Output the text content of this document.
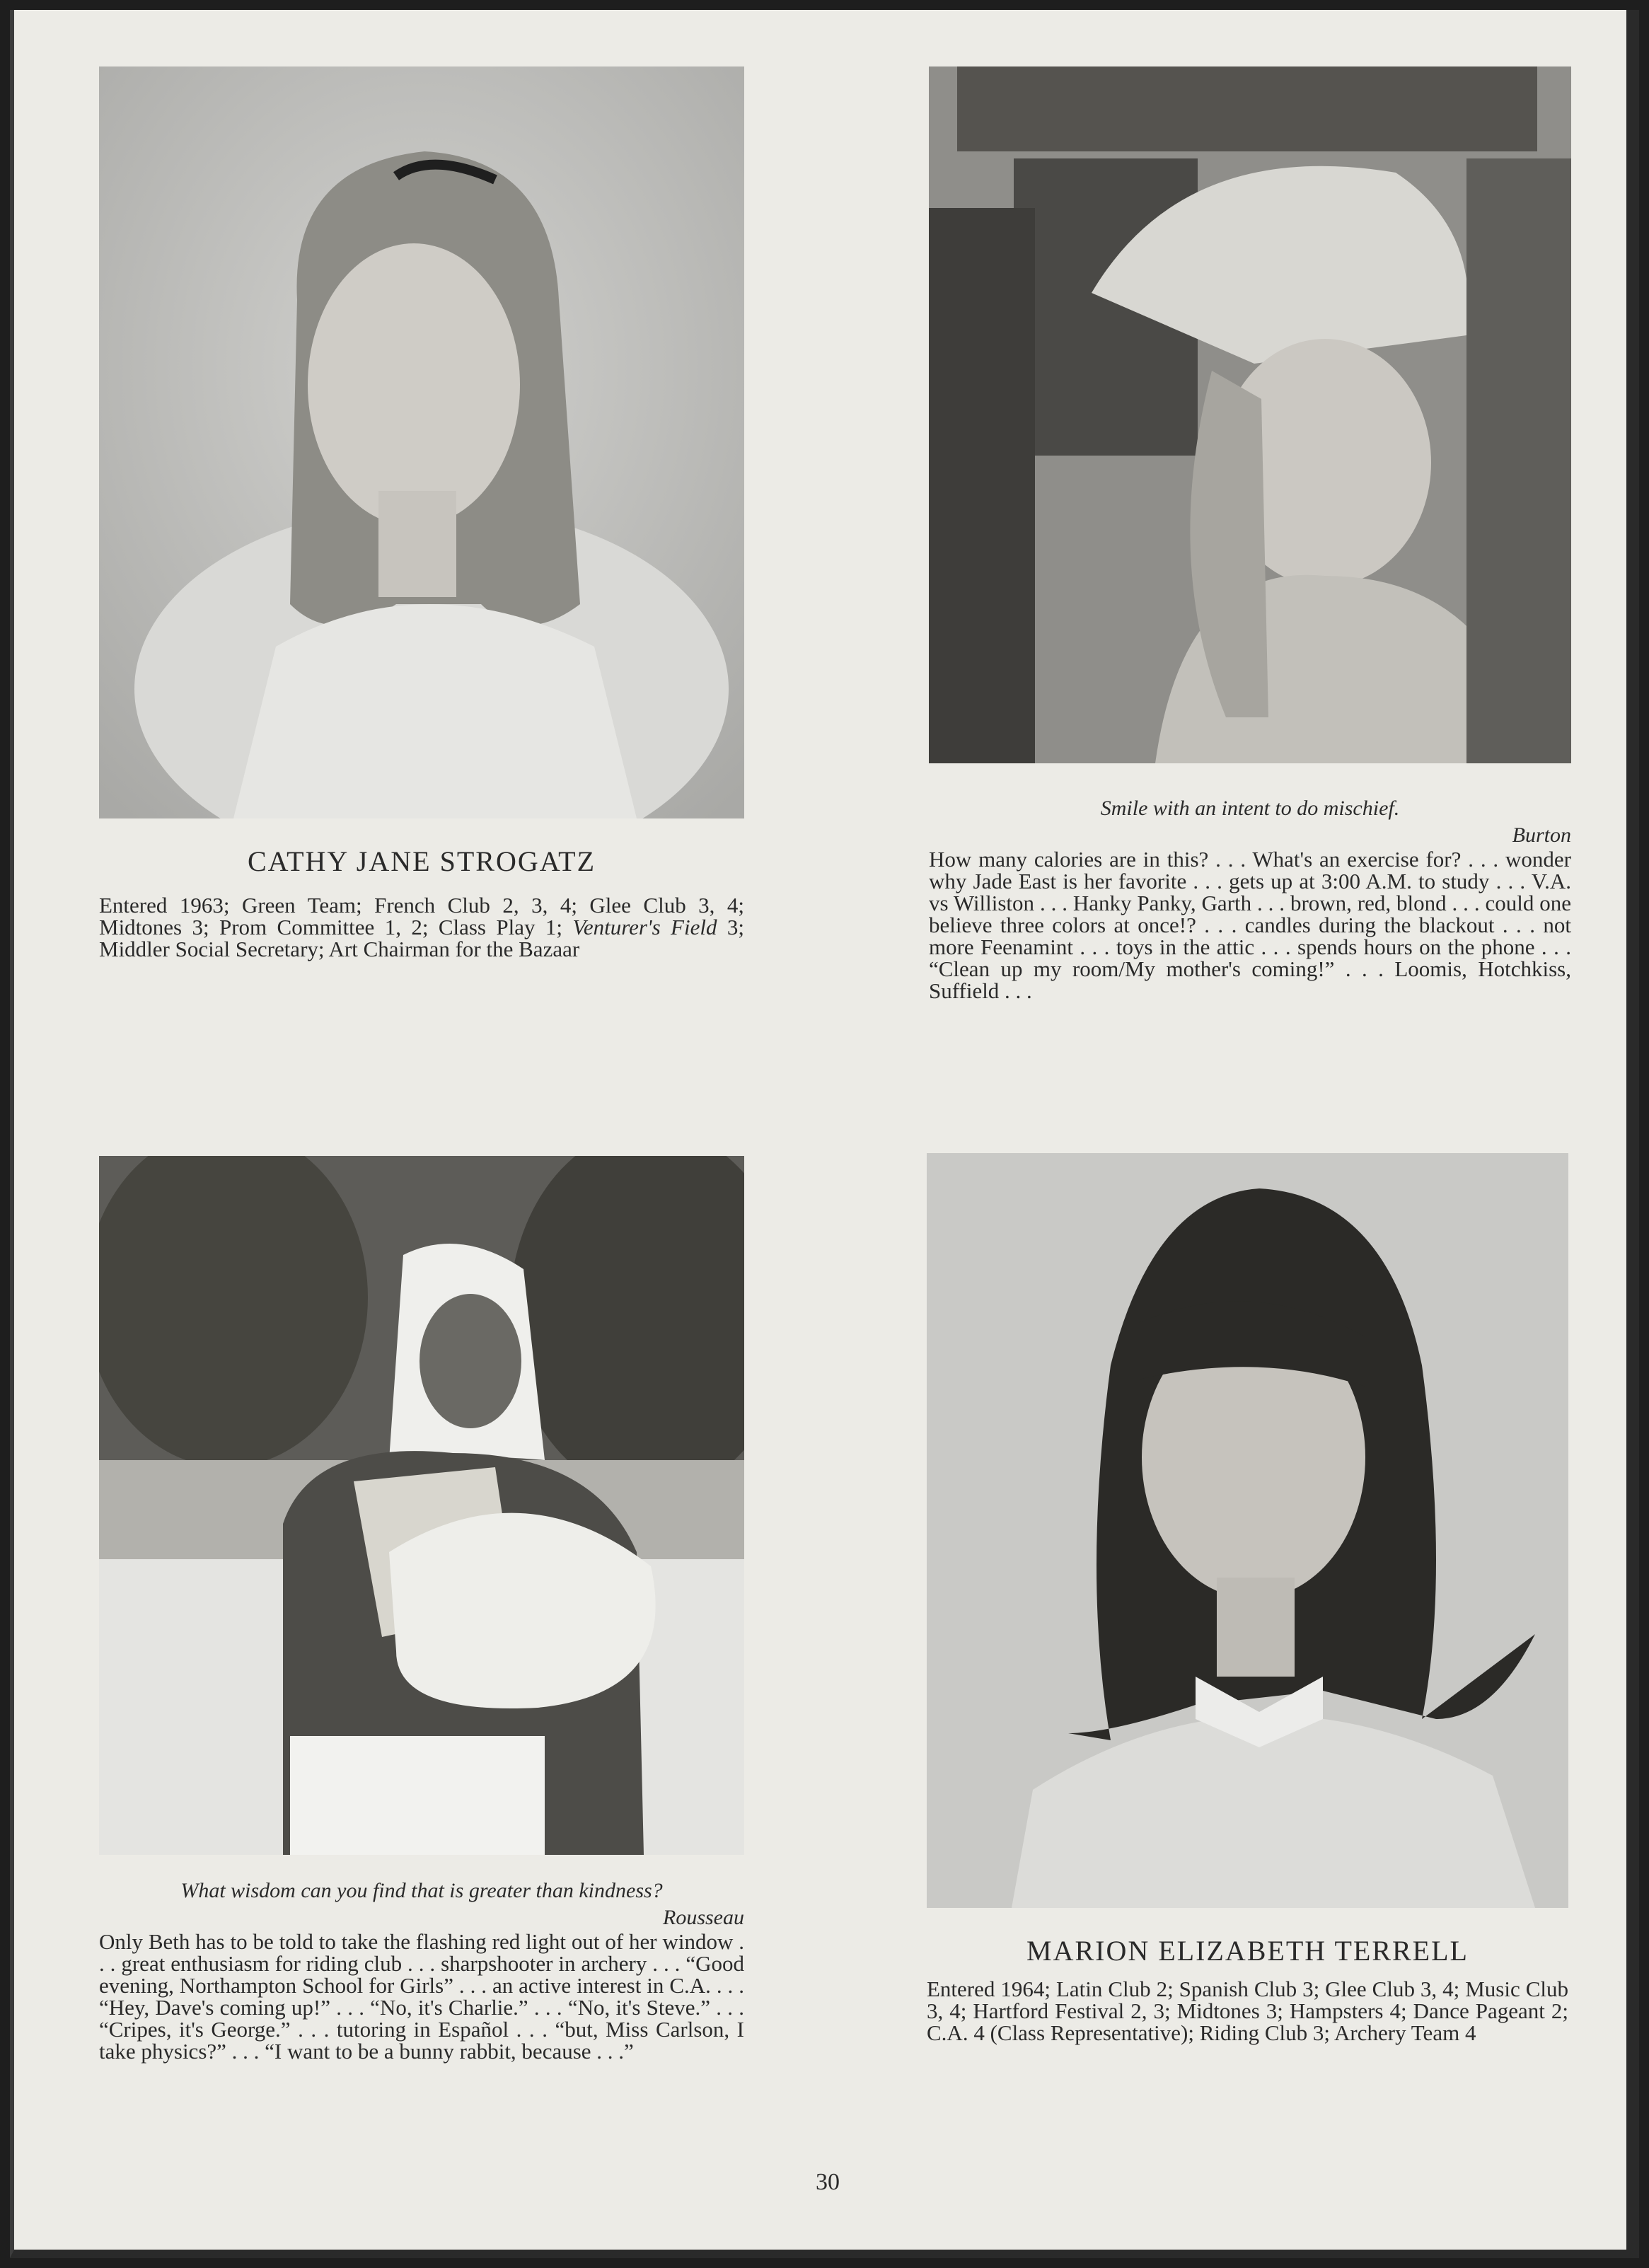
CATHY JANE STROGATZ
Entered 1963; Green Team; French Club 2, 3, 4; Glee Club 3, 4; Midtones 3; Prom Committee 1, 2; Class Play 1; Venturer's Field 3; Middler Social Secretary; Art Chairman for the Bazaar
Smile with an intent to do mischief.
Burton
How many calories are in this? . . . What's an exercise for? . . . wonder why Jade East is her favorite . . . gets up at 3:00 A.M. to study . . . V.A. vs Williston . . . Hanky Panky, Garth . . . brown, red, blond . . . could one believe three colors at once!? . . . candles during the blackout . . . not more Feenamint . . . toys in the attic . . . spends hours on the phone . . . “Clean up my room/My mother's coming!” . . . Loomis, Hotchkiss, Suffield . . .
What wisdom can you find that is greater than kindness?
Rousseau
Only Beth has to be told to take the flashing red light out of her window . . . great enthusiasm for riding club . . . sharpshooter in archery . . . “Good evening, Northampton School for Girls” . . . an active interest in C.A. . . . “Hey, Dave's coming up!” . . . “No, it's Charlie.” . . . “No, it's Steve.” . . . “Cripes, it's George.” . . . tutoring in Español . . . “but, Miss Carlson, I take physics?” . . . “I want to be a bunny rabbit, because . . .”
MARION ELIZABETH TERRELL
Entered 1964; Latin Club 2; Spanish Club 3; Glee Club 3, 4; Music Club 3, 4; Hartford Festival 2, 3; Midtones 3; Hampsters 4; Dance Pageant 2; C.A. 4 (Class Representative); Riding Club 3; Archery Team 4
30
